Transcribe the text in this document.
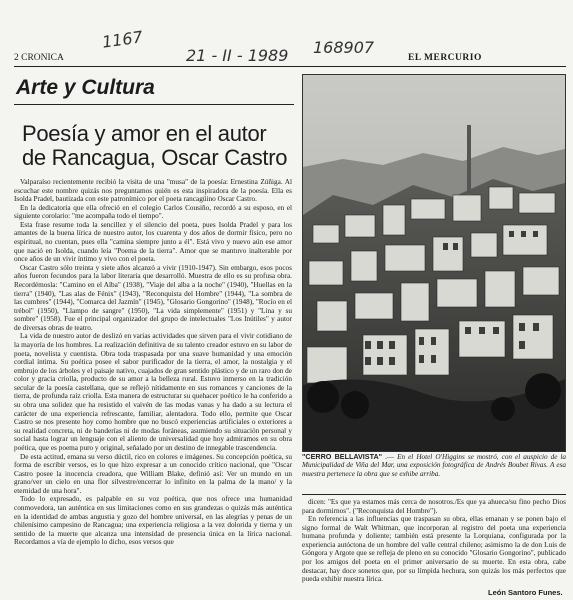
1167
21 - II - 1989 168907
2 CRONICA	EL MERCURIO
Arte y Cultura
Poesía y amor en el autor
de Rancagua, Oscar Castro

Valparaíso recientemente recibió la visita de una "musa" de la poesía: Ernestina Zúñiga. Al escuchar este nombre quizás nos preguntamos quién es esta inspiradora de la poesía. Ella es Isolda Pradel, bautizada con este patronímico por el poeta rancagüino Oscar Castro.

En la dedicatoria que ella ofreció en el colegio Carlos Cousiño, recordó a su esposo, en el siguiente corolario: "me acompaña todo el tiempo".

Esta frase resume toda la sencillez y el silencio del poeta, pues Isolda Pradel y para los amantes de la buena lírica de nuestro autor, los cuarenta y dos años de dormir físico, pero no espiritual, no cuentan, pues ella "camina siempre junto a él". Está vivo y nuevo aún ese amor que nació en Isolda, cuando leía "Poema de la tierra". Amor que se mantuvo inalterable por once años de un vivir íntimo y vivo con el poeta.

Oscar Castro sólo treinta y siete años alcanzó a vivir (1910-1947). Sin embargo, esos pocos años fueron fecundos para la labor literaria que desarrolló. Muestra de ello es su profusa obra. Recordémosla: "Camino en el Alba" (1938), "Viaje del alba a la noche" (1940), "Huellas en la tierra" (1940), "Las alas de Fénix" (1943), "Reconquista del Hombre" (1944), "La sombra de las cumbres" (1944), "Comarca del Jazmín" (1945), "Glosario Gongorino" (1948), "Rocío en el trébol" (1950), "Llampo de sangre" (1950), "La vida simplemente" (1951) y "Lina y su sombre" (1958). Fue el principal organizador del grupo de intelectuales "Los Inútiles" y autor de diversas obras de teatro.

La vida de nuestro autor de deslizó en varias actividades que sirven para el vivir cotidiano de la mayoría de los hombres. La realización definitiva de su talento creador estuvo en su labor de poeta, novelista y cuentista. Obra toda traspasada por una suave humanidad y una emoción cordial íntima. Su poética posee el sabor purificador de la tierra, el amor, la nostalgia y el embrujo de los árboles y el paisaje nativo, cuajados de gran sentido plástico y de un raro don de color y gracia criolla, producto de su amor a la belleza rural. Estuvo inmerso en la tradición secular de la poesía castellana, que se reflejó nítidamente en sus romances y canciones de la tierra, de profunda raíz criolla. Esta manera de estructurar su quehacer poético le ha conferido a su obra una solidez que ha resistido el vaivén de las modas vanas y ha dado a su lectura el carácter de una experiencia refrescante, familiar, alentadora. Todo ello, permite que Oscar Castro se nos presente hoy como hombre que no buscó experiencias artificiales o exteriores a su realidad concreta, ni de banderías ni de modas foráneas, asumiendo su situación personal y social hasta lograr un lenguaje con el aliento de universalidad que hoy admiramos en su obra poética, que es poema puro y original, señalado por un destino de innegable trascendencia.

De esta actitud, emana su verso dúctil, rico en colores e imágenes. Su concepción poética, su forma de escribir versos, es lo que hizo expresar a un conocido crítico nacional, que "Oscar Castro posee la inocencia creadora, que William Blake, definió así: Ver un mundo en un grano/ver un cielo en una flor silvestre/encerrar lo infinito en la palma de la mano/ y la eternidad de una hora".

Todo lo expresado, es palpable en su voz poética, que nos ofrece una humanidad conmovedora, tan auténtica en sus limitaciones como en sus grandezas o quizás más auténtica en la identidad de ambas angustia y gozo del hombre universal, en las alegrías y penas de un chilenísimo campesino de Rancagua; una experiencia religiosa a la vez dolorida y tierna y un sentido de la muerte que alcanza una intensidad de presencia única en la lírica nacional. Recordamos a vía de ejemplo lo dicho, esos versos que

"CERRO BELLAVISTA" .— En el Hotel O'Higgins se mostró, con el auspicio de la Municipalidad de Viña del Mar, una exposición fotográfica de Andrés Boubet Rivas. A esa muestra pertenece la obra que se exhibe arriba.

dicen: "Es que ya estamos más cerca de nosotros./Es que ya ahueca/su fino pecho Dios para dormirnos". ("Reconquista del Hombre").

En referencia a las influencias que traspasan su obra, ellas emanan y se ponen bajo el signo formal de Walt Whitman, que incorporan al registro del poeta una experiencia humana profunda y doliente; también está presente la Lorquiana, configurada por la experiencia autóctona de un hombre del valle central chileno; asimismo la de don Luis de Góngora y Argote que se refleja de pleno en su conocido "Glosario Gongorino", publicado por los amigos del poeta en el primer aniversario de su muerte. En esta obra, cabe destacar, hay doce sonetos que, por su límpida hechura, son quizás los más perfectos que pueda exhibir nuestra lírica.

León Santoro Funes.
